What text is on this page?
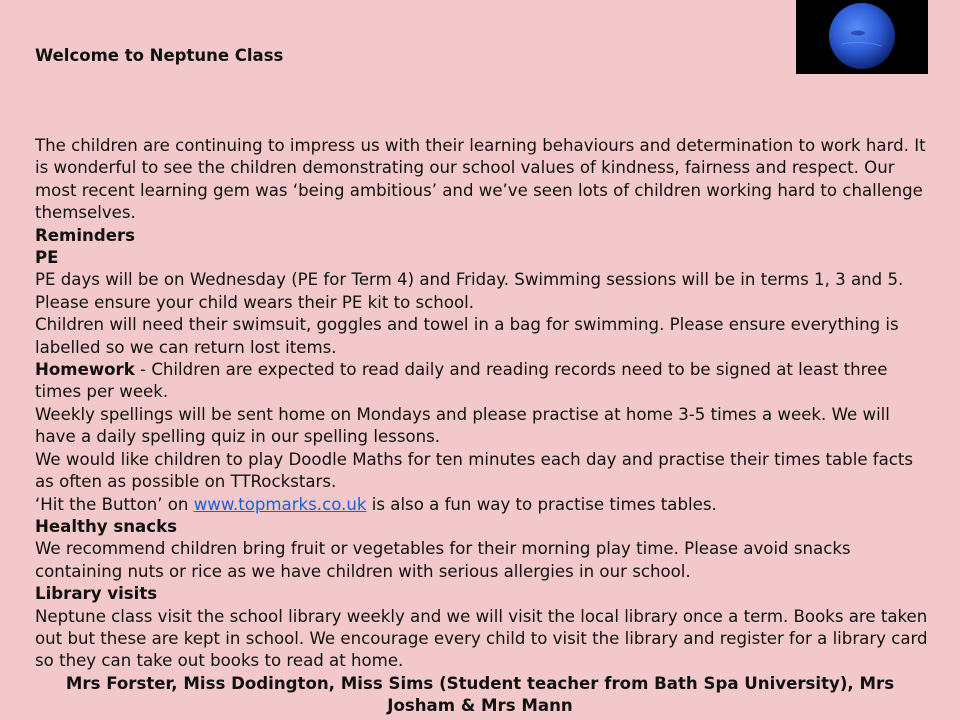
Welcome to Neptune Class

The children are continuing to impress us with their learning behaviours and determination to work hard. It is wonderful to see the children demonstrating our school values of kindness, fairness and respect. Our most recent learning gem was ‘being ambitious’ and we’ve seen lots of children working hard to challenge themselves.

Reminders

PE

PE days will be on Wednesday (PE for Term 4) and Friday. Swimming sessions will be in terms 1, 3 and 5. Please ensure your child wears their PE kit to school.

Children will need their swimsuit, goggles and towel in a bag for swimming. Please ensure everything is labelled so we can return lost items.

Homework - Children are expected to read daily and reading records need to be signed at least three times per week.

Weekly spellings will be sent home on Mondays and please practise at home 3-5 times a week. We will have a daily spelling quiz in our spelling lessons.

We would like children to play Doodle Maths for ten minutes each day and practise their times table facts as often as possible on TTRockstars.

‘Hit the Button’ on www.topmarks.co.uk is also a fun way to practise times tables.

Healthy snacks

We recommend children bring fruit or vegetables for their morning play time. Please avoid snacks containing nuts or rice as we have children with serious allergies in our school.

Library visits

Neptune class visit the school library weekly and we will visit the local library once a term. Books are taken out but these are kept in school. We encourage every child to visit the library and register for a library card so they can take out books to read at home.

Mrs Forster, Miss Dodington, Miss Sims (Student teacher from Bath Spa University), Mrs Josham & Mrs Mann
